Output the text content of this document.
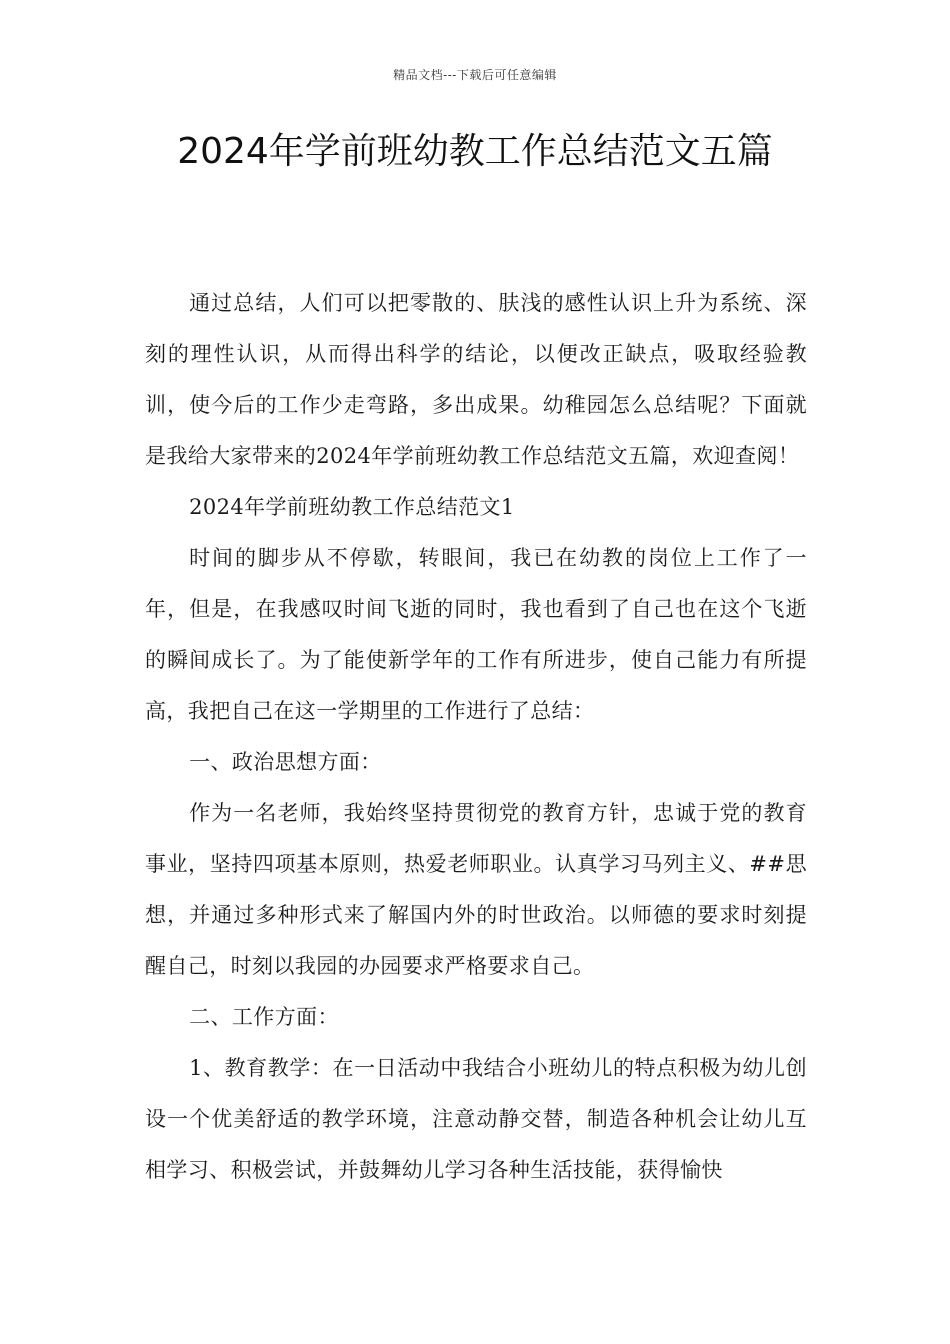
精品文档---下载后可任意编辑
2024年学前班幼教工作总结范文五篇

通过总结，人们可以把零散的、肤浅的感性认识上升为系统、深刻的理性认识，从而得出科学的结论，以便改正缺点，吸取经验教训，使今后的工作少走弯路，多出成果。幼稚园怎么总结呢？下面就是我给大家带来的2024年学前班幼教工作总结范文五篇，欢迎查阅！

2024年学前班幼教工作总结范文1

时间的脚步从不停歇，转眼间，我已在幼教的岗位上工作了一年，但是，在我感叹时间飞逝的同时，我也看到了自己也在这个飞逝的瞬间成长了。为了能使新学年的工作有所进步，使自己能力有所提高，我把自己在这一学期里的工作进行了总结：

一、政治思想方面：

作为一名老师，我始终坚持贯彻党的教育方针，忠诚于党的教育事业，坚持四项基本原则，热爱老师职业。认真学习马列主义、##思想，并通过多种形式来了解国内外的时世政治。以师德的要求时刻提醒自己，时刻以我园的办园要求严格要求自己。

二、工作方面：

1、教育教学：在一日活动中我结合小班幼儿的特点积极为幼儿创设一个优美舒适的教学环境，注意动静交替，制造各种机会让幼儿互相学习、积极尝试，并鼓舞幼儿学习各种生活技能，获得愉快
